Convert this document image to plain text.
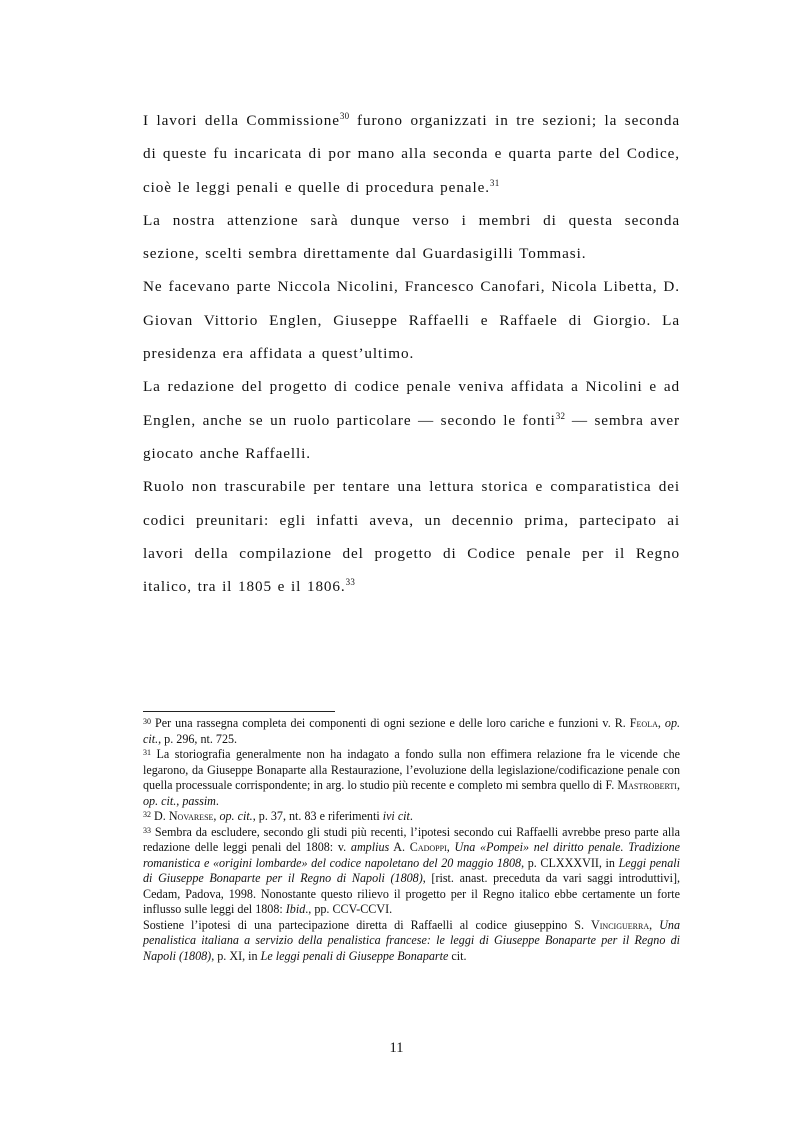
I lavori della Commissione$^{30}$ furono organizzati in tre sezioni; la seconda di queste fu incaricata di por mano alla seconda e quarta parte del Codice, cioè le leggi penali e quelle di procedura penale.$^{31}$

La nostra attenzione sarà dunque verso i membri di questa seconda sezione, scelti sembra direttamente dal Guardasigilli Tommasi.

Ne facevano parte Niccola Nicolini, Francesco Canofari, Nicola Libetta, D. Giovan Vittorio Englen, Giuseppe Raffaelli e Raffaele di Giorgio. La presidenza era affidata a quest’ultimo.

La redazione del progetto di codice penale veniva affidata a Nicolini e ad Englen, anche se un ruolo particolare — secondo le fonti$^{32}$ — sembra aver giocato anche Raffaelli.

Ruolo non trascurabile per tentare una lettura storica e comparatistica dei codici preunitari: egli infatti aveva, un decennio prima, partecipato ai lavori della compilazione del progetto di Codice penale per il Regno italico, tra il 1805 e il 1806.33

$^{30}$ Per una rassegna completa dei componenti di ogni sezione e delle loro cariche e funzioni v. R. Feola, op. cit., p. 296, nt. 725.

$^{31}$ La storiografia generalmente non ha indagato a fondo sulla non effimera relazione fra le vicende che legarono, da Giuseppe Bonaparte alla Restaurazione, l’evoluzione della legislazione/codificazione penale con quella processuale corrispondente; in arg. lo studio più recente e completo mi sembra quello di F. Mastroberti, op. cit., passim.

$^{32}$ D. Novarese, op. cit., p. 37, nt. 83 e riferimenti ivi cit.

$^{33}$ Sembra da escludere, secondo gli studi più recenti, l’ipotesi secondo cui Raffaelli avrebbe preso parte alla redazione delle leggi penali del 1808: v. amplius A. Cadoppi, Una «Pompei» nel diritto penale. Tradizione romanistica e «origini lombarde» del codice napoletano del 20 maggio 1808, p. CLXXXVII, in Leggi penali di Giuseppe Bonaparte per il Regno di Napoli (1808), [rist. anast. preceduta da vari saggi introduttivi], Cedam, Padova, 1998. Nonostante questo rilievo il progetto per il Regno italico ebbe certamente un forte influsso sulle leggi del 1808: Ibid., pp. CCV-CCVI.

Sostiene l’ipotesi di una partecipazione diretta di Raffaelli al codice giuseppino S. Vinciguerra, Una penalistica italiana a servizio della penalistica francese: le leggi di Giuseppe Bonaparte per il Regno di Napoli (1808), p. XI, in Le leggi penali di Giuseppe Bonaparte cit.

11
